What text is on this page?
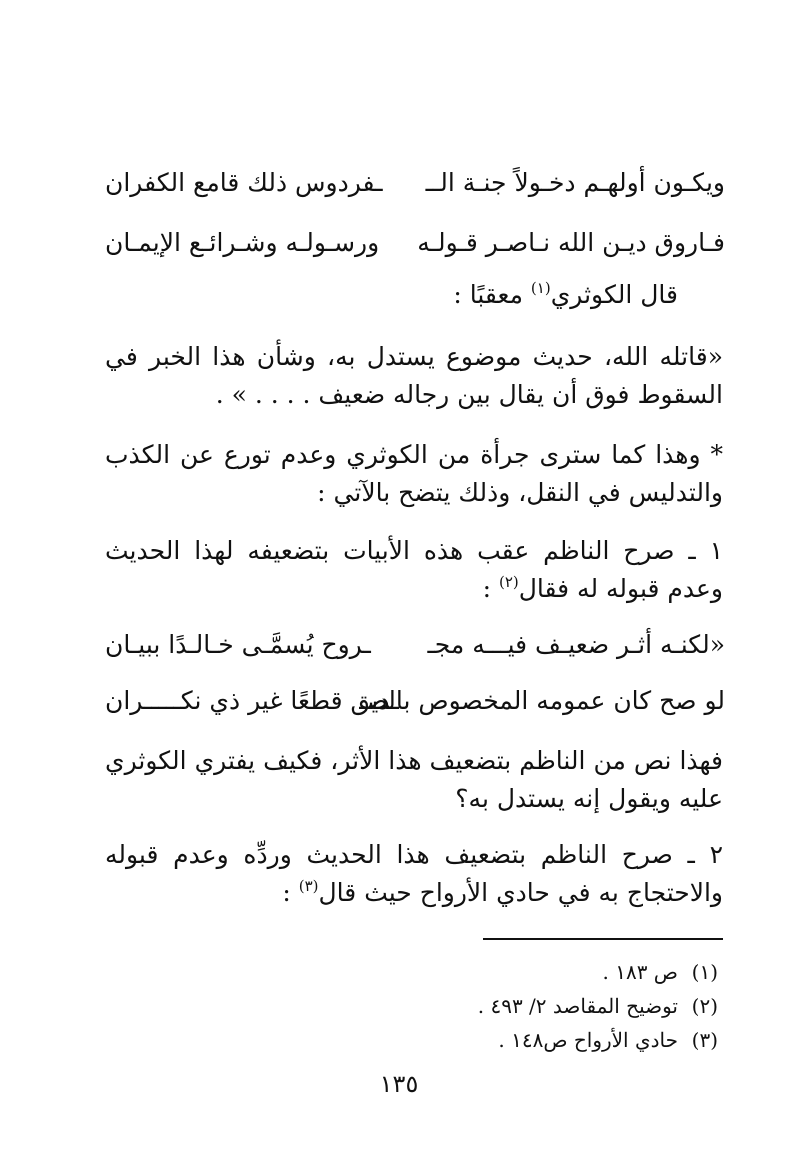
ويكـون أولهـم دخـولاً جنـة الــ
ـفردوس ذلك قامع الكفران
فـاروق ديـن الله نـاصـر قـولـه
ورسـولـه وشـرائـع الإيمـان
قال الكوثري$^{(١)}$ معقبًا :
«قاتله الله، حديث موضوع يستدل به، وشأن هذا الخبر في السقوط فوق أن يقال بين رجاله ضعيف . . . . » .
* وهذا كما سترى جرأة من الكوثري وعدم تورع عن الكذب والتدليس في النقل، وذلك يتضح بالآتي :
١ ـ صرح الناظم عقب هذه الأبيات بتضعيفه لهذا الحديث وعدم قبوله له فقال$^{(٢)}$ :
«لكنـه أثـر ضعيـف فيـــه مجـ
ـروح يُسمَّـى خـالـدًا ببيـان
لو صح كان عمومه المخصوص بالصـ
ـديق قطعًا غير ذي نكـــــران
فهذا نص من الناظم بتضعيف هذا الأثر، فكيف يفتري الكوثري عليه ويقول إنه يستدل به؟
٢ ـ صرح الناظم بتضعيف هذا الحديث وردِّه وعدم قبوله والاحتجاج به في حادي الأرواح حيث قال$^{(٣)}$ :
(١)ص ١٨٣ .
(٢)توضيح المقاصد ٢/ ٤٩٣ .
(٣)حادي الأرواح ص١٤٨ .
١٣٥
